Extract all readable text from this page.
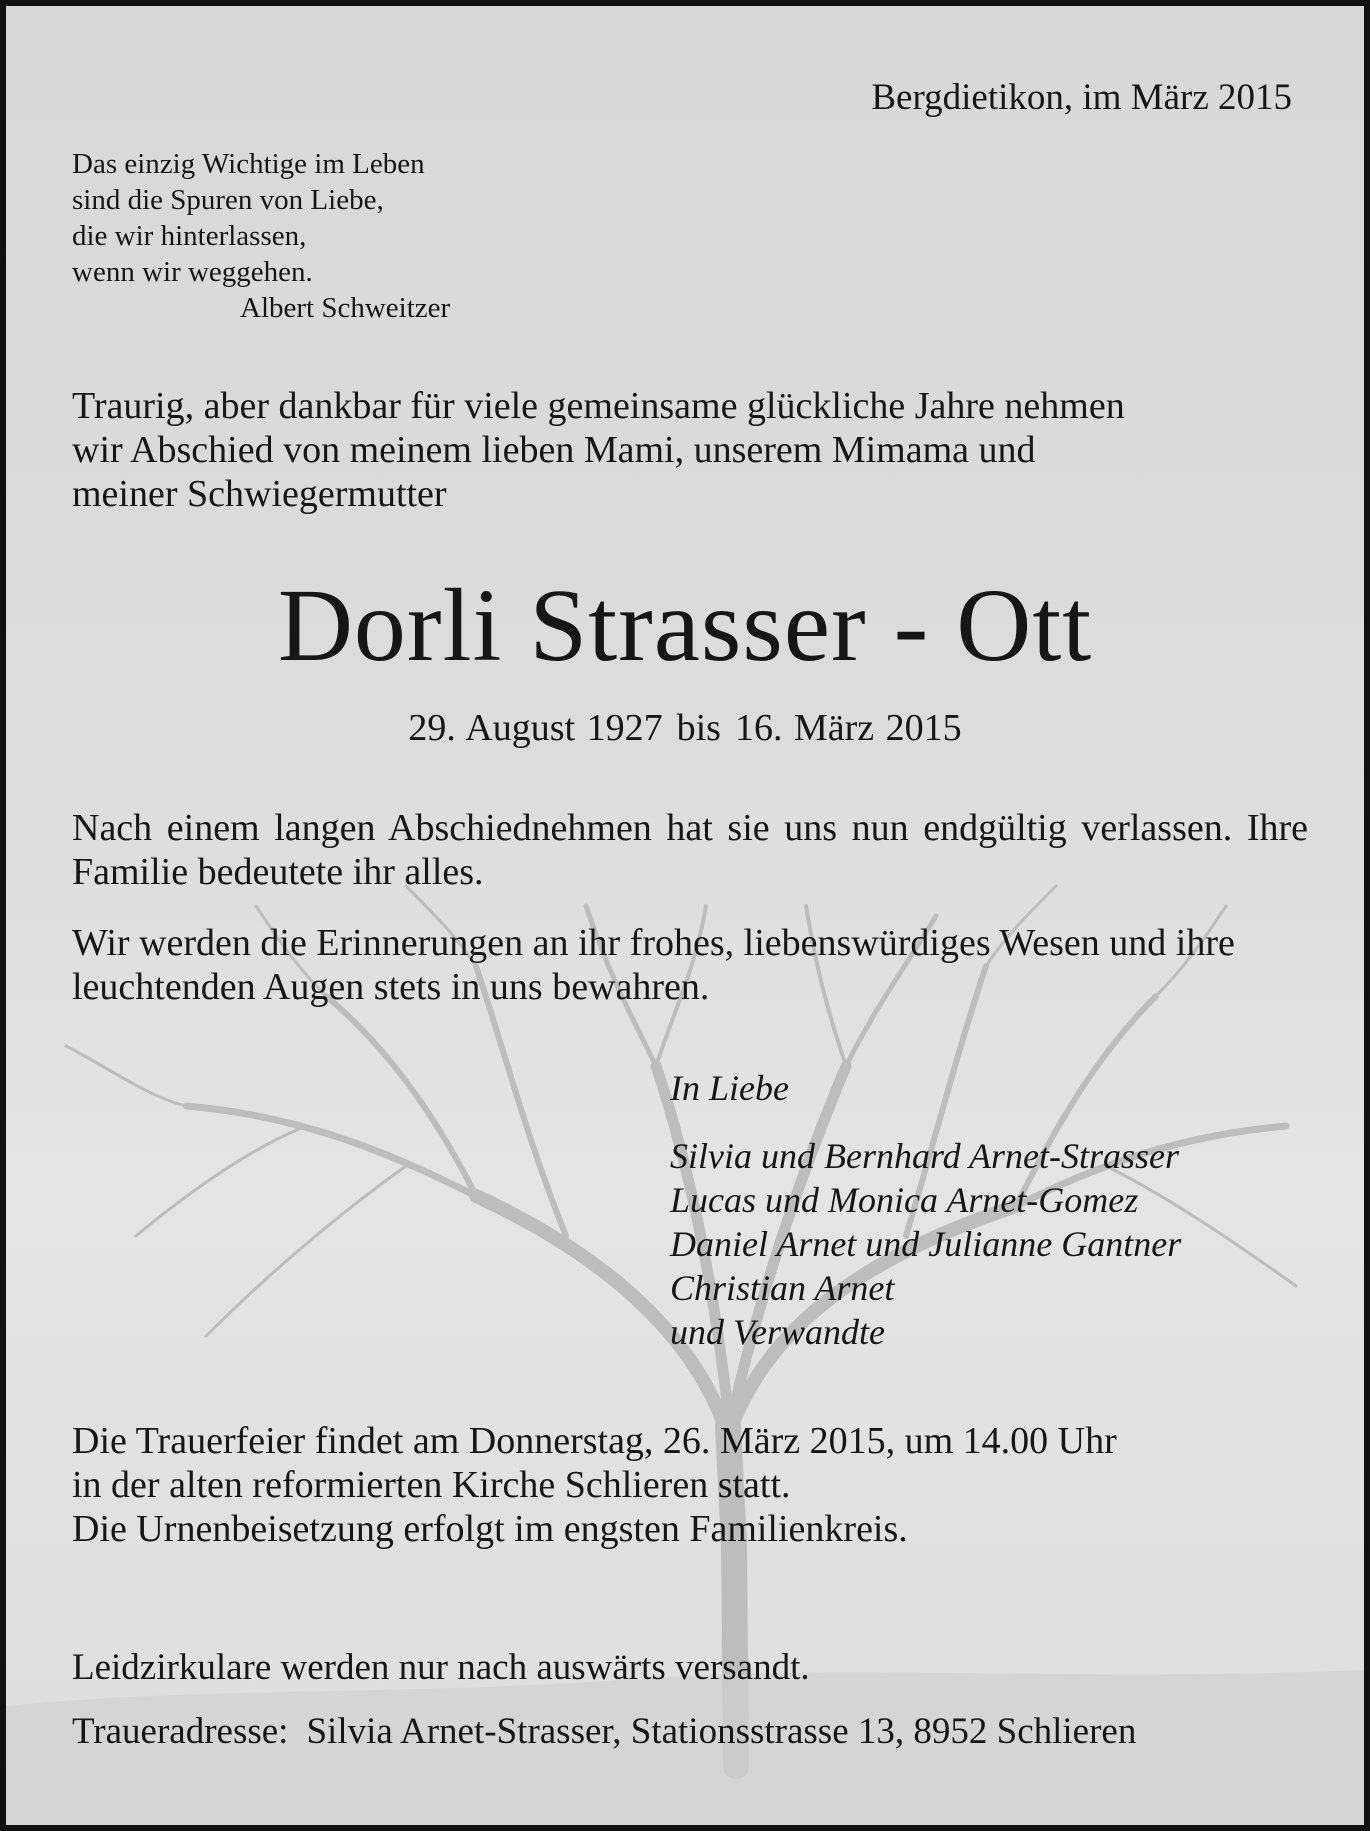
Bergdietikon, im März 2015
Das einzig Wichtige im Leben
sind die Spuren von Liebe,
die wir hinterlassen,
wenn wir weggehen.
Albert Schweitzer
Traurig, aber dankbar für viele gemeinsame glückliche Jahre nehmen
wir Abschied von meinem lieben Mami, unserem Mimama und
meiner Schwiegermutter
Dorli Strasser - Ott
29. August 1927 bis 16. März 2015
Nach einem langen Abschiednehmen hat sie uns nun endgültig verlassen. Ihre Familie bedeutete ihr alles.
Wir werden die Erinnerungen an ihr frohes, liebenswürdiges Wesen und ihre leuchtenden Augen stets in uns bewahren.
In Liebe
Silvia und Bernhard Arnet-Strasser
Lucas und Monica Arnet-Gomez
Daniel Arnet und Julianne Gantner
Christian Arnet
und Verwandte
Die Trauerfeier findet am Donnerstag, 26. März 2015, um 14.00 Uhr
in der alten reformierten Kirche Schlieren statt.
Die Urnenbeisetzung erfolgt im engsten Familienkreis.
Leidzirkulare werden nur nach auswärts versandt.
Traueradresse: Silvia Arnet-Strasser, Stationsstrasse 13, 8952 Schlieren
